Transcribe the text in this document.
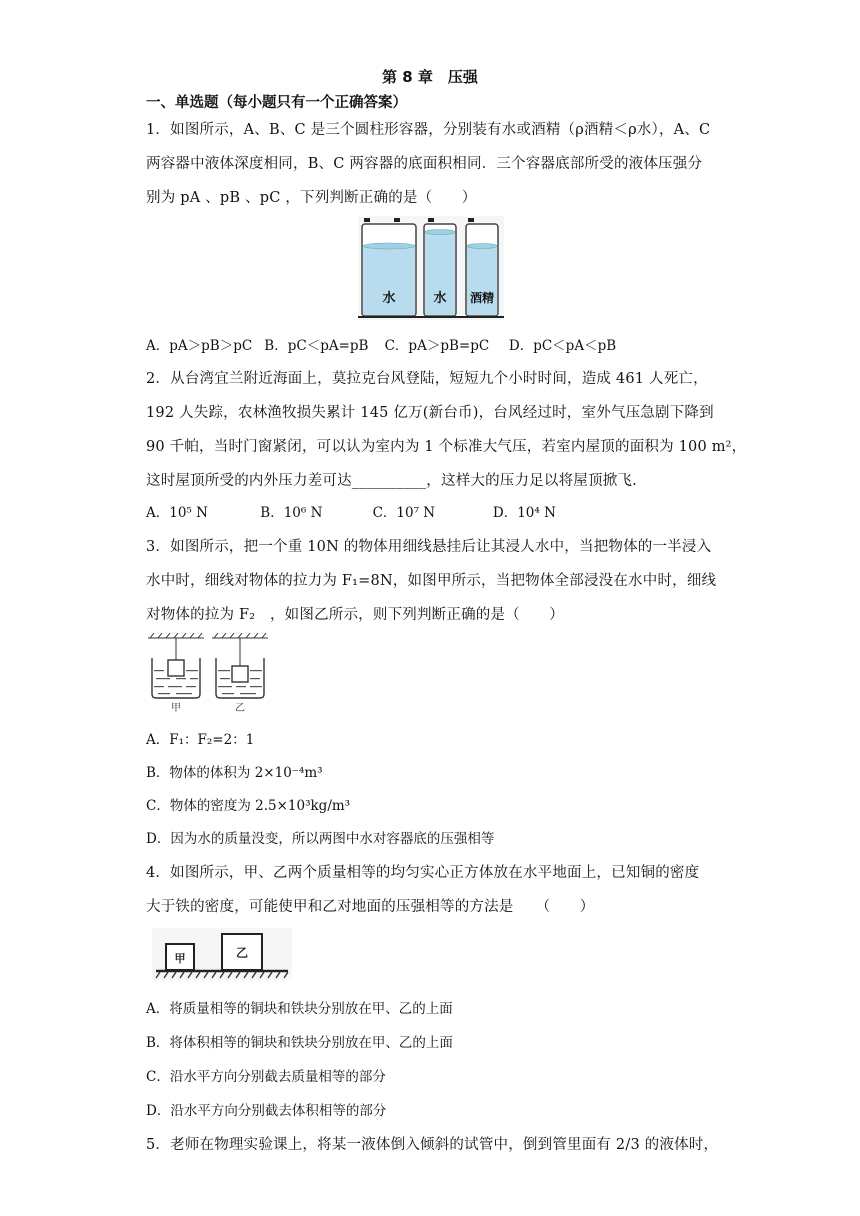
第 8 章　压强
一、单选题（每小题只有一个正确答案）
1．如图所示，A、B、C 是三个圆柱形容器，分别装有水或酒精（ρ酒精＜ρ水），A、C
两容器中液体深度相同，B、C 两容器的底面积相同．三个容器底部所受的液体压强分
别为 pA 、pB 、pC ，下列判断正确的是（　　）
水	水 酒精
A．pA＞pB＞pC B．pC＜pA=pB C．pA＞pB=pC D．pC＜pA＜pB
2．从台湾宜兰附近海面上，莫拉克台风登陆，短短九个小时时间，造成 461 人死亡，
192 人失踪，农林渔牧损失累计 145 亿万(新台币)，台风经过时，室外气压急剧下降到
90 千帕，当时门窗紧闭，可以认为室内为 1 个标准大气压，若室内屋顶的面积为 100 m²，
这时屋顶所受的内外压力差可达__________，这样大的压力足以将屋顶掀飞.
A．10⁵ N	B．10⁶ N	C．10⁷ N	D．10⁴ N
3．如图所示，把一个重 10N 的物体用细线悬挂后让其浸人水中，当把物体的一半浸入
水中时，细线对物体的拉力为 F₁=8N，如图甲所示，当把物体全部浸没在水中时，细线
对物体的拉为 F₂　，如图乙所示，则下列判断正确的是（　　）
甲	乙
A．F₁：F₂=2：1
B．物体的体积为 2×10⁻⁴m³
C．物体的密度为 2.5×10³kg/m³
D．因为水的质量没变，所以两图中水对容器底的压强相等
4．如图所示，甲、乙两个质量相等的均匀实心正方体放在水平地面上，已知铜的密度
大于铁的密度，可能使甲和乙对地面的压强相等的方法是　　（　　）
甲	乙
A．将质量相等的铜块和铁块分别放在甲、乙的上面
B．将体积相等的铜块和铁块分别放在甲、乙的上面
C．沿水平方向分别截去质量相等的部分
D．沿水平方向分别截去体积相等的部分
5．老师在物理实验课上，将某一液体倒入倾斜的试管中，倒到管里面有 2/3 的液体时，
